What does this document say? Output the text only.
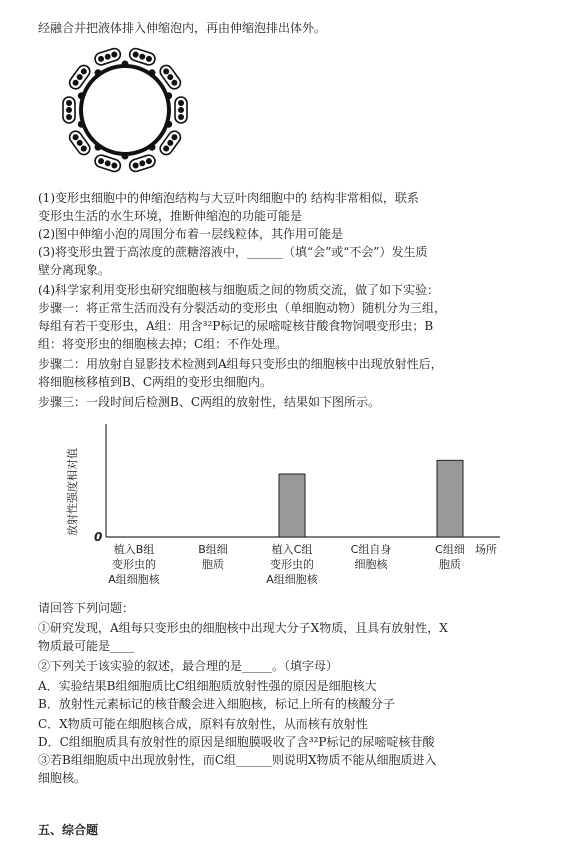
经融合并把液体排入伸缩泡内，再由伸缩泡排出体外。
(1)变形虫细胞中的伸缩泡结构与大豆叶肉细胞中的 结构非常相似，联系
变形虫生活的水生环境，推断伸缩泡的功能可能是
(2)图中伸缩小泡的周围分布着一层线粒体，其作用可能是
(3)将变形虫置于高浓度的蔗糖溶液中，______（填“会”或“不会”）发生质
壁分离现象。
(4)科学家利用变形虫研究细胞核与细胞质之间的物质交流，做了如下实验：
步骤一：将正常生活而没有分裂活动的变形虫（单细胞动物）随机分为三组，
每组有若干变形虫，A组：用含³²P标记的尿嘧啶核苷酸食物饲喂变形虫；B
组：将变形虫的细胞核去掉；C组：不作处理。
步骤二：用放射自显影技术检测到A组每只变形虫的细胞核中出现放射性后，
将细胞核移植到B、C两组的变形虫细胞内。
步骤三：一段时间后检测B、C两组的放射性，结果如下图所示。
0
放射性强度相对值
植入B组
变形虫的
A组细胞核
B组细
胞质
植入C组
变形虫的
A组细胞核
C组自身
细胞核
C组细
胞质
场所
请回答下列问题：
①研究发现，A组每只变形虫的细胞核中出现大分子X物质，且具有放射性，X
物质最可能是____
②下列关于该实验的叙述，最合理的是_____。（填字母）
A．实验结果B组细胞质比C组细胞质放射性强的原因是细胞核大
B．放射性元素标记的核苷酸会进入细胞核，标记上所有的核酸分子
C．X物质可能在细胞核合成，原料有放射性，从而核有放射性
D．C组细胞质具有放射性的原因是细胞膜吸收了含³²P标记的尿嘧啶核苷酸
③若B组细胞质中出现放射性，而C组______则说明X物质不能从细胞质进入
细胞核。
五、综合题
